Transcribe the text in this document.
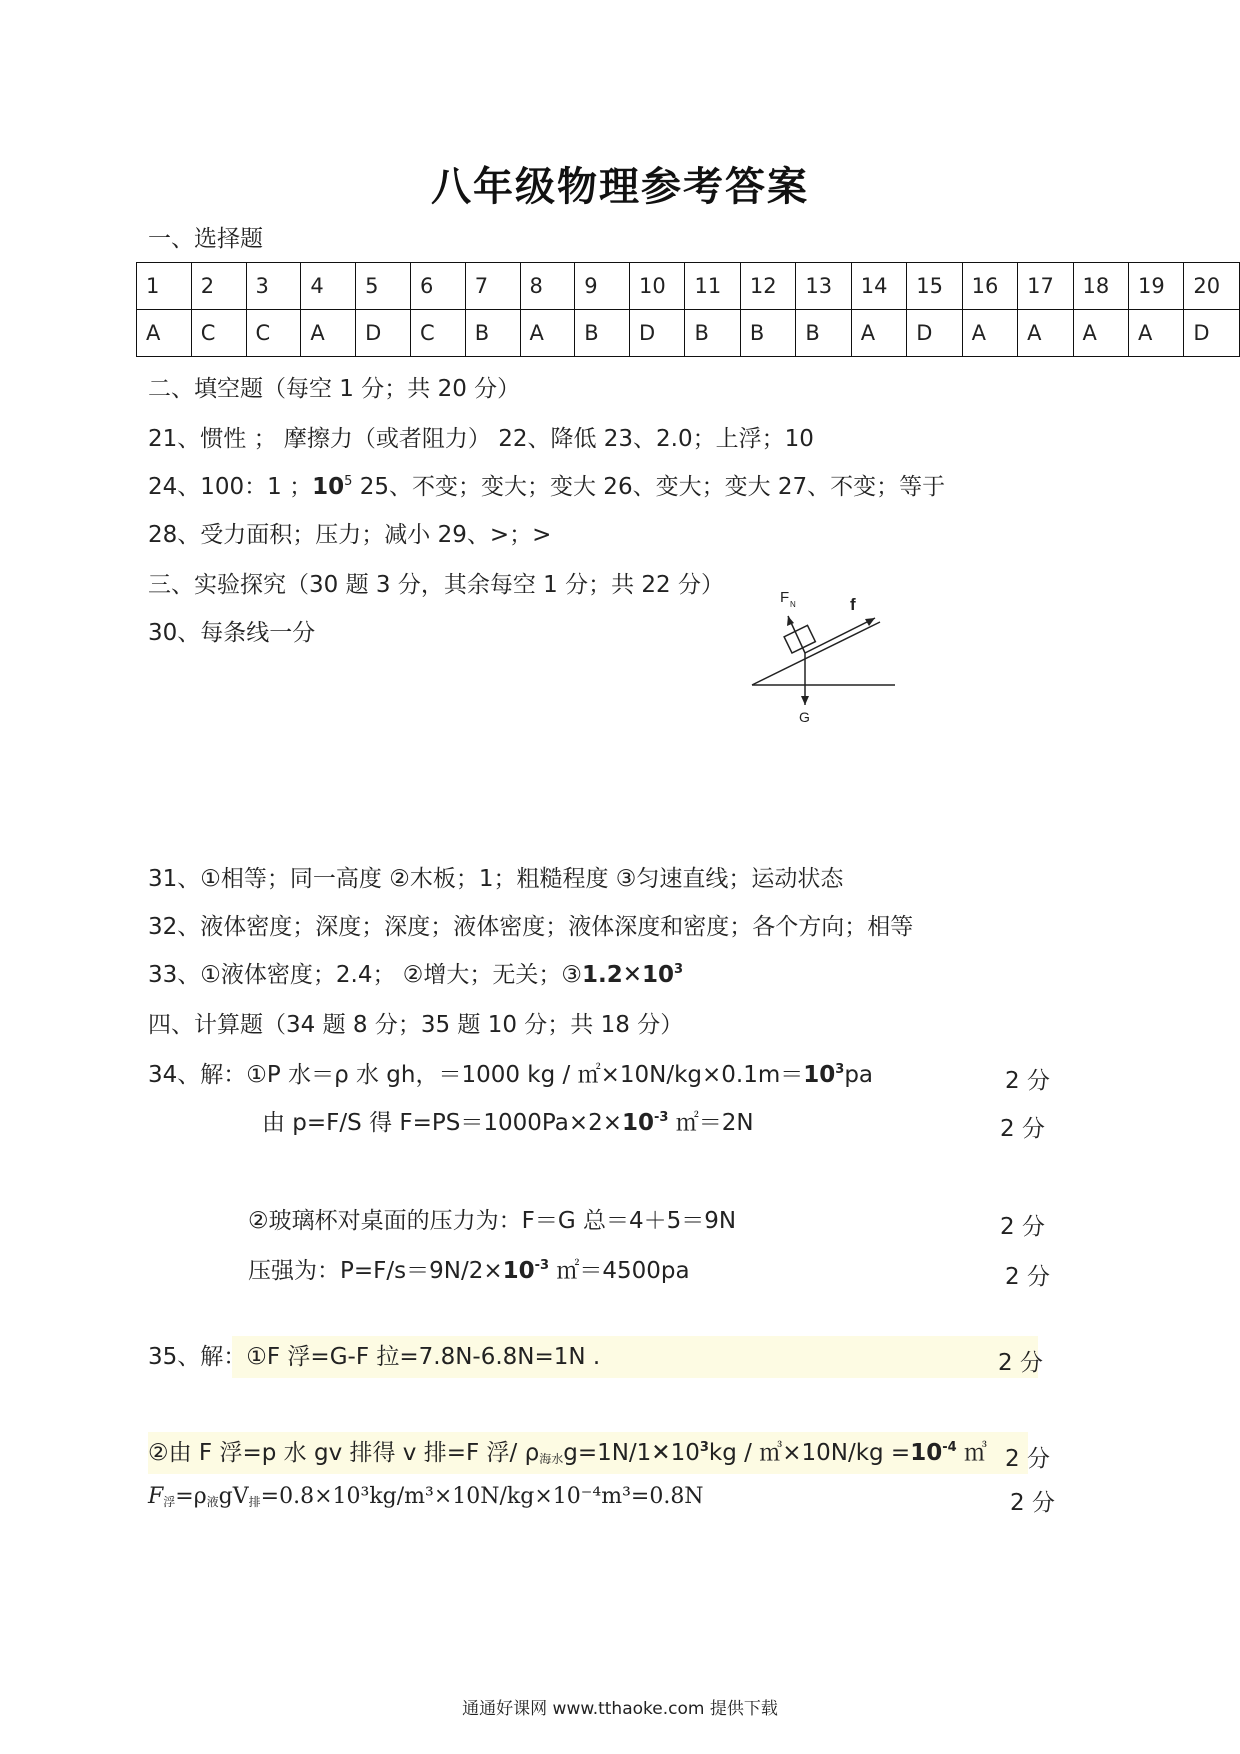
八年级物理参考答案
一、选择题
1	2	3	4	5	6	7	8	9	10	11	12	13	14	15	16	17	18	19	20
A	C	C	A	D	C	B	A	B	D	B	B	B	A	D	A	A	A	A	D
二、填空题（每空 1 分；共 20 分）
21、惯性 ； 摩擦力（或者阻力） 22、降低 23、2.0；上浮；10
24、100：1 ；$10^5$ 25、不变；变大；变大 26、变大；变大 27、不变；等于
28、受力面积；压力；减小 29、>；>
三、实验探究（30 题 3 分，其余每空 1 分；共 22 分）
30、每条线一分
F N	f
G
31、①相等；同一高度 ②木板；1；粗糙程度 ③匀速直线；运动状态
32、液体密度；深度；深度；液体密度；液体深度和密度；各个方向；相等
33、①液体密度；2.4； ②增大；无关；$③1.2✕10^3$
四、计算题（34 题 8 分；35 题 10 分；共 18 分）
34、解：①P 水＝ρ 水 gh，＝1000 kg / $㎡\times 10N/kg\times 0.1m=10^3pa$	2 分
由 p=F/S 得 $F=PS=1000Pa\times 2\times 10^{-3}$ ㎡＝2N	2 分
②玻璃杯对桌面的压力为：F＝G 总＝4＋5＝9N	2 分
压强为：$P=F/s=9N/2\times 10^{-3}$ ㎡＝4500pa	2 分
35、解：①F 浮=G-F 拉=7.8N-6.8N=1N .	2 分
②由 F 浮=p 水 gv 排得 v 排=F 浮/ $\rho_{海水}g=1N/1✕10^3kg$ / ㎥×10N/kg $=10^{-4}$ ㎥ 2 分
$F_浮=\rho_液gV_排=0.8\times 10^3kg/m^3\times 10N/kg\times 10^{-4}m^3=0.8N$	2 分
通通好课网 www.tthaoke.com 提供下载
